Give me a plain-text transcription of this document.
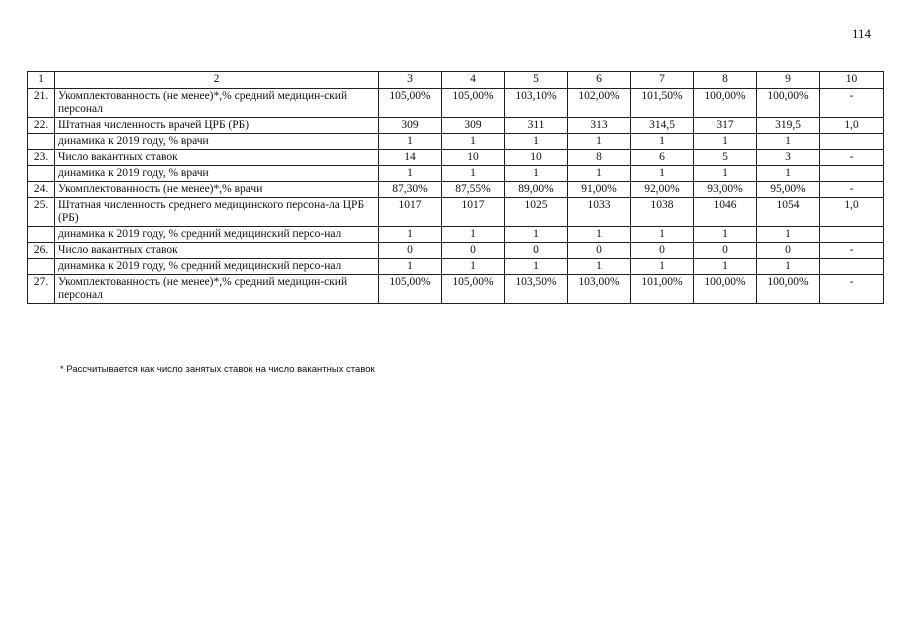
114
1	2	3	4	5	6	7	8	9	10
21.	Укомплектованность (не менее)*,% средний медицин-ский персонал	105,00%	105,00%	103,10%	102,00%	101,50%	100,00%	100,00%	-
22.	Штатная численность врачей ЦРБ (РБ)	309	309	311	313	314,5	317	319,5	1,0
	динамика к 2019 году, % врачи	1	1	1	1	1	1	1	
23.	Число вакантных ставок	14	10	10	8	6	5	3	-
	динамика к 2019 году, % врачи	1	1	1	1	1	1	1	
24.	Укомплектованность (не менее)*,% врачи	87,30%	87,55%	89,00%	91,00%	92,00%	93,00%	95,00%	-
25.	Штатная численность среднего медицинского персона-ла ЦРБ (РБ)	1017	1017	1025	1033	1038	1046	1054	1,0
	динамика к 2019 году, % средний медицинский персо-нал	1	1	1	1	1	1	1	
26.	Число вакантных ставок	0	0	0	0	0	0	0	-
	динамика к 2019 году, % средний медицинский персо-нал	1	1	1	1	1	1	1	
27.	Укомплектованность (не менее)*,% средний медицин-ский персонал	105,00%	105,00%	103,50%	103,00%	101,00%	100,00%	100,00%	-
* Рассчитывается как число занятых ставок на число вакантных ставок
